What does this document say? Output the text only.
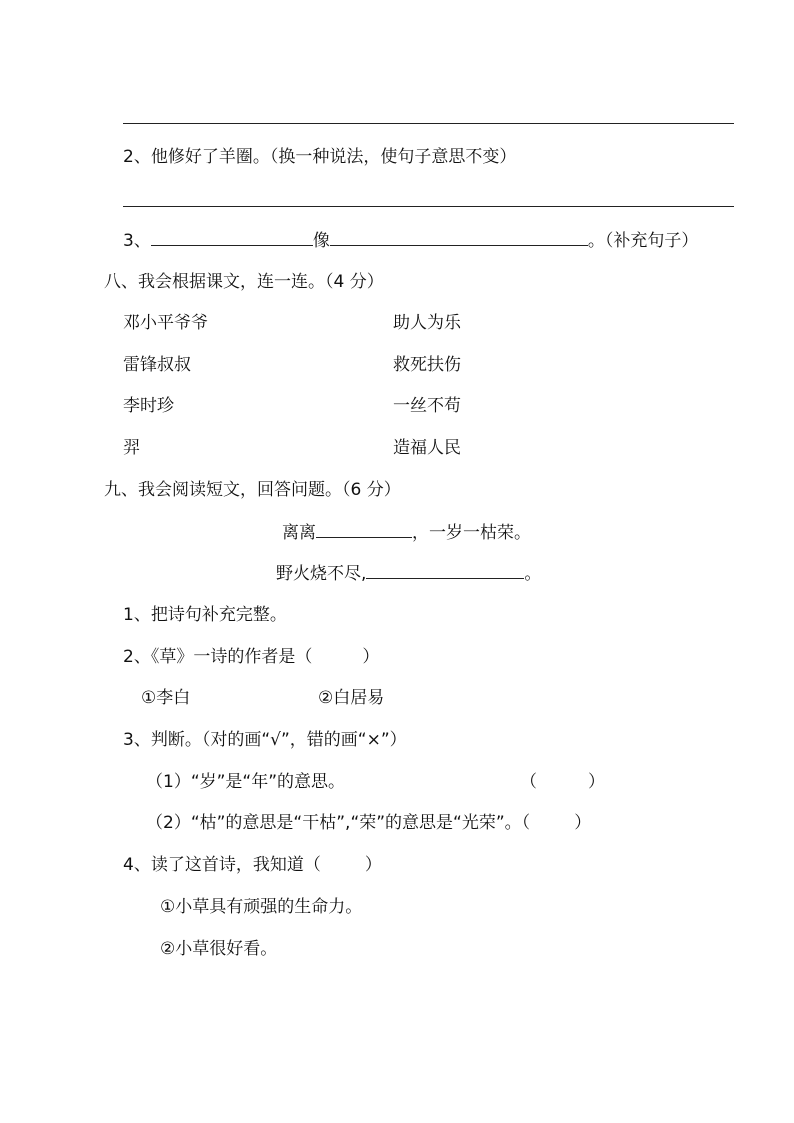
2、他修好了羊圈。（换一种说法，使句子意思不变）
3、	像	。（补充句子）
八、我会根据课文，连一连。（4 分）
邓小平爷爷	助人为乐
雷锋叔叔	救死扶伤
李时珍	一丝不苟
羿	造福人民
九、我会阅读短文，回答问题。（6 分）
离离	，一岁一枯荣。
野火烧不尽,	。
1、把诗句补充完整。
2、《草》一诗的作者是（	）
①李白	②白居易
3、判断。（对的画“√”，错的画“×”）
（1）“岁”是“年”的意思。	（	）
（2）“枯”的意思是“干枯”,“荣”的意思是“光荣”。（	）
4、读了这首诗，我知道（	）
①小草具有顽强的生命力。
②小草很好看。
